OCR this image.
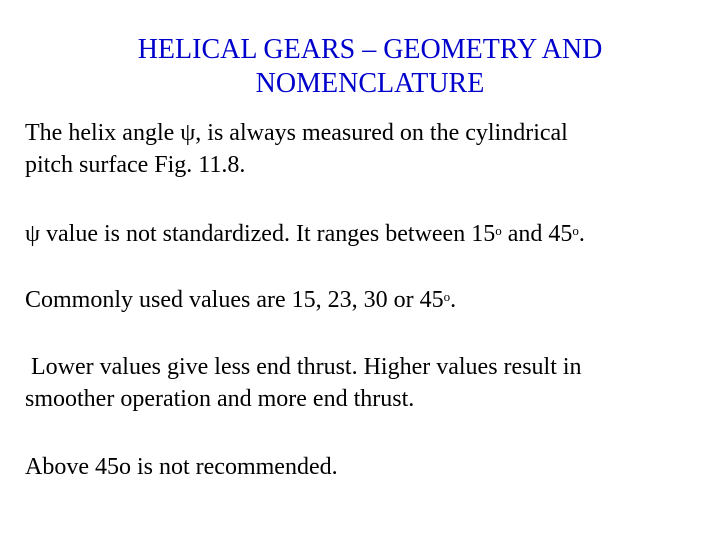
HELICAL GEARS – GEOMETRY AND
NOMENCLATURE

The helix angle ψ, is always measured on the cylindrical
pitch surface Fig. 11.8.

ψ value is not standardized. It ranges between 15$^o$ and 45$^o$.

Commonly used values are 15, 23, 30 or 45$^o$.

Lower values give less end thrust. Higher values result in
smoother operation and more end thrust.

Above 45o is not recommended.
